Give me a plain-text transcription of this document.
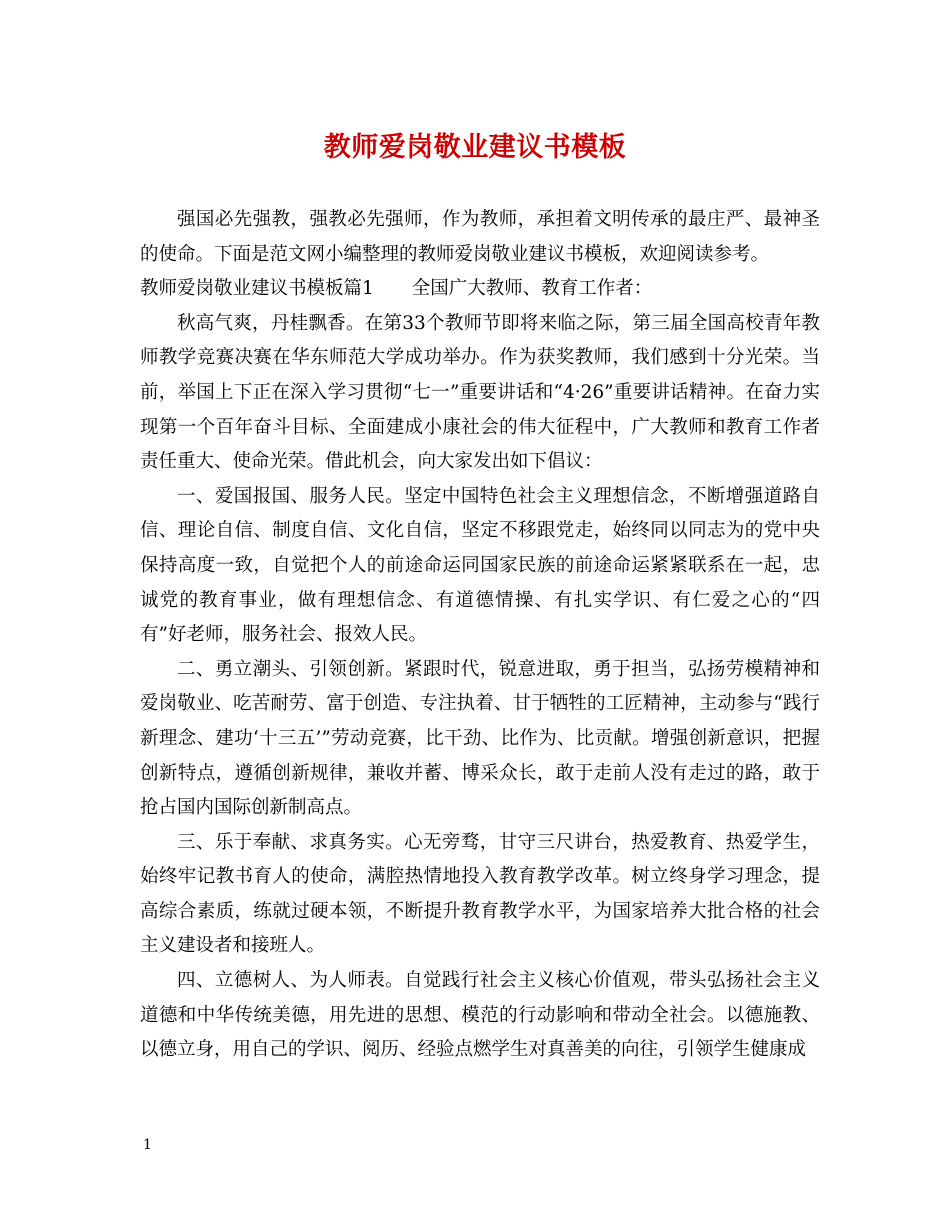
教师爱岗敬业建议书模板

强国必先强教，强教必先强师，作为教师，承担着文明传承的最庄严、最神圣的使命。下面是范文网小编整理的教师爱岗敬业建议书模板，欢迎阅读参考。

教师爱岗敬业建议书模板篇1 全国广大教师、教育工作者：

秋高气爽，丹桂飘香。在第33个教师节即将来临之际，第三届全国高校青年教师教学竞赛决赛在华东师范大学成功举办。作为获奖教师，我们感到十分光荣。当前，举国上下正在深入学习贯彻“七一”重要讲话和“4·26”重要讲话精神。在奋力实现第一个百年奋斗目标、全面建成小康社会的伟大征程中，广大教师和教育工作者责任重大、使命光荣。借此机会，向大家发出如下倡议：

一、爱国报国、服务人民。坚定中国特色社会主义理想信念，不断增强道路自信、理论自信、制度自信、文化自信，坚定不移跟党走，始终同以同志为的党中央保持高度一致，自觉把个人的前途命运同国家民族的前途命运紧紧联系在一起，忠诚党的教育事业，做有理想信念、有道德情操、有扎实学识、有仁爱之心的“四有”好老师，服务社会、报效人民。

二、勇立潮头、引领创新。紧跟时代，锐意进取，勇于担当，弘扬劳模精神和爱岗敬业、吃苦耐劳、富于创造、专注执着、甘于牺牲的工匠精神，主动参与“践行新理念、建功‘十三五’”劳动竞赛，比干劲、比作为、比贡献。增强创新意识，把握创新特点，遵循创新规律，兼收并蓄、博采众长，敢于走前人没有走过的路，敢于抢占国内国际创新制高点。

三、乐于奉献、求真务实。心无旁骛，甘守三尺讲台，热爱教育、热爱学生，始终牢记教书育人的使命，满腔热情地投入教育教学改革。树立终身学习理念，提高综合素质，练就过硬本领，不断提升教育教学水平，为国家培养大批合格的社会主义建设者和接班人。

四、立德树人、为人师表。自觉践行社会主义核心价值观，带头弘扬社会主义道德和中华传统美德，用先进的思想、模范的行动影响和带动全社会。以德施教、以德立身，用自己的学识、阅历、经验点燃学生对真善美的向往，引领学生健康成

1
